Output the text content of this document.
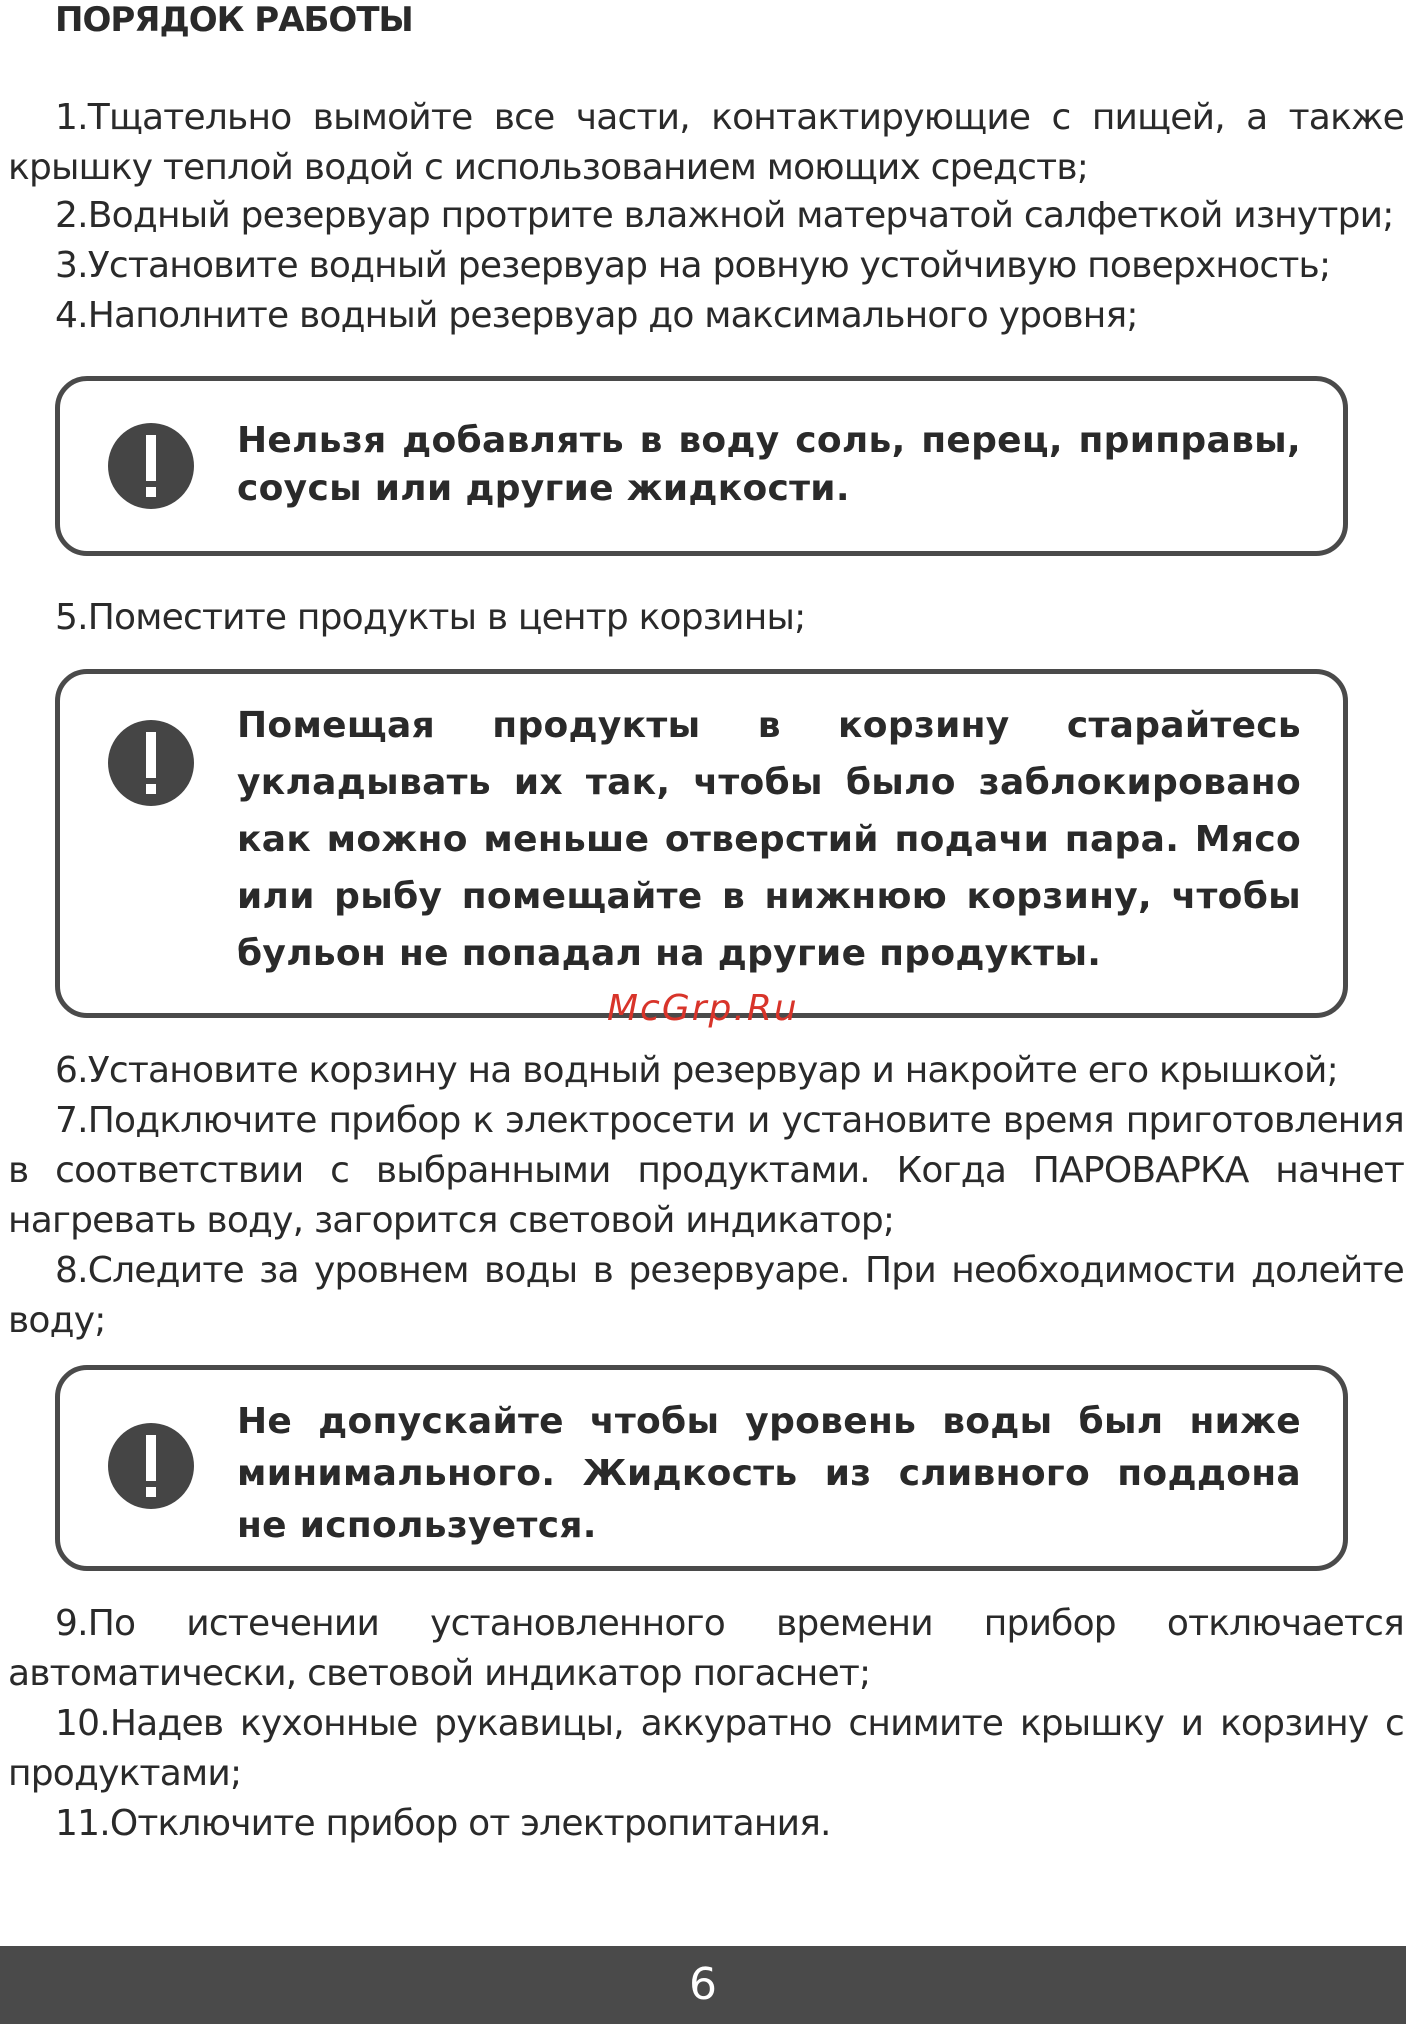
ПОРЯДОК РАБОТЫ
1.Тщательно вымойте все части, контактирующие с пищей, а также крышку теплой водой с использованием моющих средств;
2.Водный резервуар протрите влажной матерчатой салфеткой изнутри;
3.Установите водный резервуар на ровную устойчивую поверхность;
4.Наполните водный резервуар до максимального уровня;
Нельзя добавлять в воду соль, перец, приправы, соусы или другие жидкости.
5.Поместите продукты в центр корзины;
Помещая продукты в корзину старайтесь укладывать их так, чтобы было заблокировано как можно меньше отверстий подачи пара. Мясо или рыбу помещайте в нижнюю корзину, чтобы бульон не попадал на другие продукты.
McGrp.Ru
6.Установите корзину на водный резервуар и накройте его крышкой;
7.Подключите прибор к электросети и установите время приготовления в соответствии с выбранными продуктами. Когда ПАРОВАРКА начнет нагревать воду, загорится световой индикатор;
8.Следите за уровнем воды в резервуаре. При необходимости долейте воду;
Не допускайте чтобы уровень воды был ниже минимального. Жидкость из сливного поддона не используется.
9.По истечении установленного времени прибор отключается автоматически, световой индикатор погаснет;
10.Надев кухонные рукавицы, аккуратно снимите крышку и корзину с продуктами;
11.Отключите прибор от электропитания.
6
